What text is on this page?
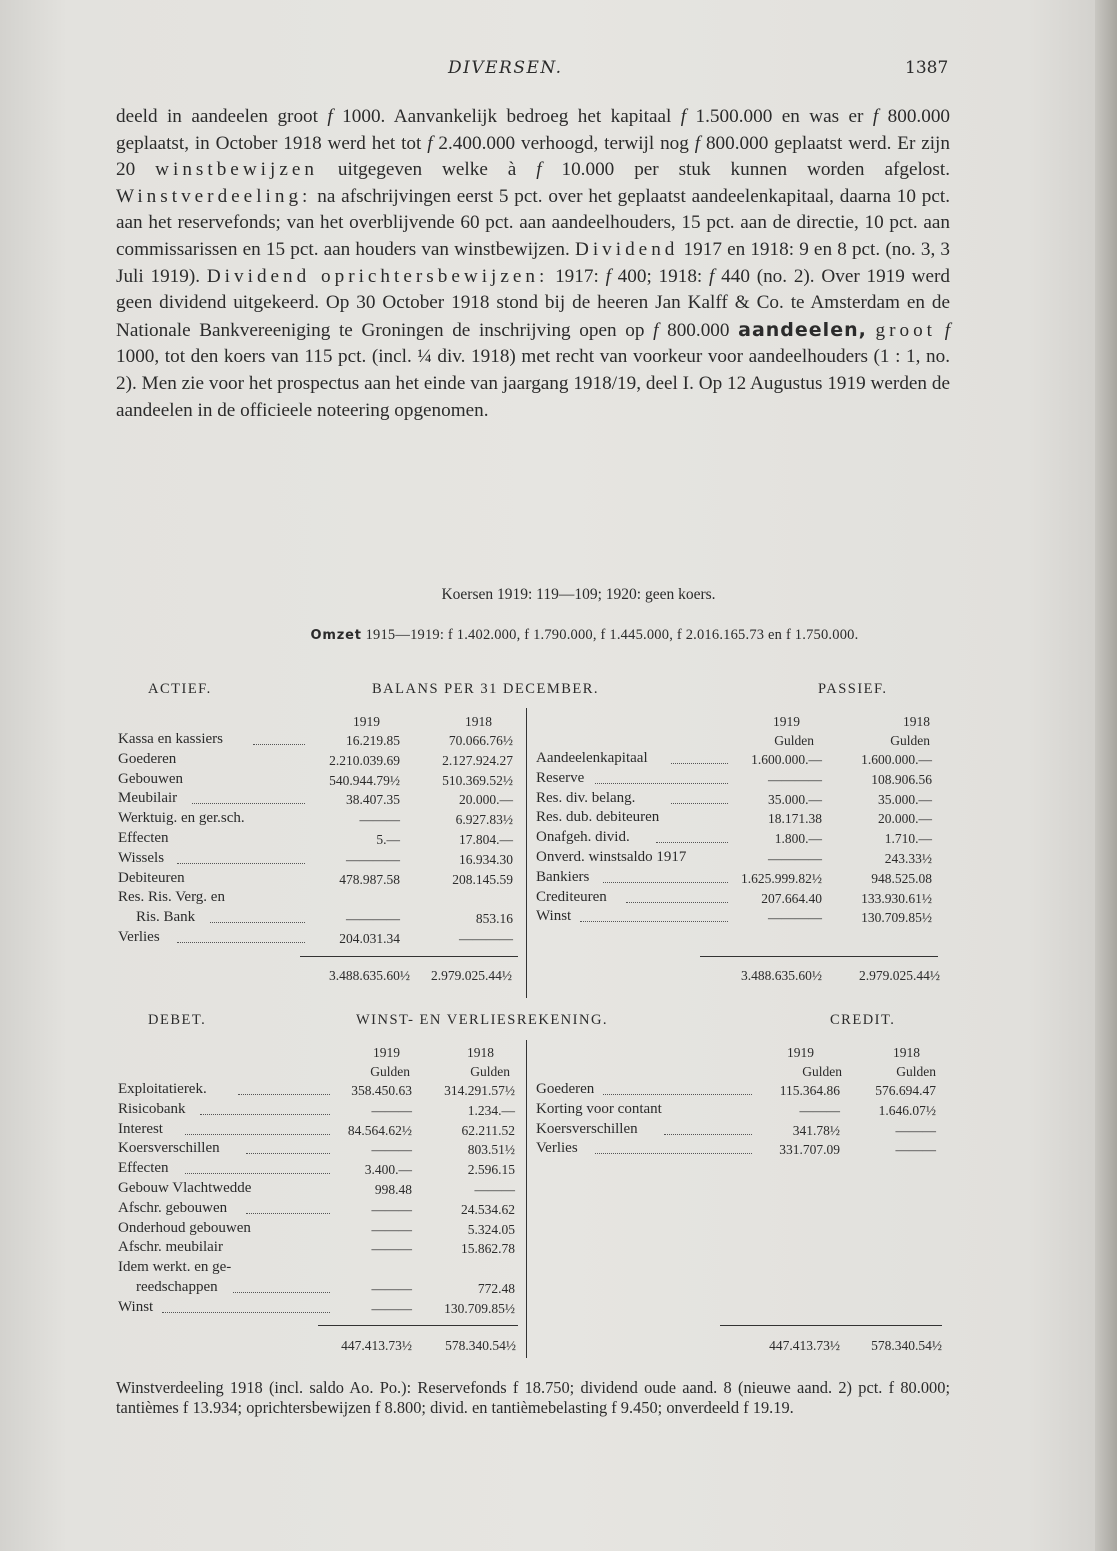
DIVERSEN.	1387
deeld in aandeelen groot f 1000. Aanvankelijk bedroeg het kapitaal f 1.500.000 en was er f 800.000 geplaatst, in October 1918 werd het tot f 2.400.000 verhoogd, terwijl nog f 800.000 geplaatst werd. Er zijn 20 winstbewijzen uitgegeven welke à f 10.000 per stuk kunnen worden afgelost. Winstverdeeling: na afschrijvingen eerst 5 pct. over het geplaatst aandeelenkapitaal, daarna 10 pct. aan het reservefonds; van het overblijvende 60 pct. aan aandeelhouders, 15 pct. aan de directie, 10 pct. aan commissarissen en 15 pct. aan houders van winstbewijzen. Dividend 1917 en 1918: 9 en 8 pct. (no. 3, 3 Juli 1919). Dividend oprichtersbewijzen: 1917: f 400; 1918: f 440 (no. 2). Over 1919 werd geen dividend uitgekeerd. Op 30 October 1918 stond bij de heeren Jan Kalff & Co. te Amsterdam en de Nationale Bankvereeniging te Groningen de inschrijving open op f 800.000 aandeelen, groot f 1000, tot den koers van 115 pct. (incl. ¼ div. 1918) met recht van voorkeur voor aandeelhouders (1 : 1, no. 2). Men zie voor het prospectus aan het einde van jaargang 1918/19, deel I. Op 12 Augustus 1919 werden de aandeelen in de officieele noteering opgenomen.
Koersen 1919: 119—109; 1920: geen koers.
Omzet 1915—1919: f 1.402.000, f 1.790.000, f 1.445.000, f 2.016.165.73 en f 1.750.000.
ACTIEF.	BALANS PER 31 DECEMBER.	PASSIEF.
1919	1918	1919	1918
Gulden	Gulden
Kassa en kassiers	16.219.85	70.066.76½
Goederen	2.210.039.69	2.127.924.27
Gebouwen	540.944.79½	510.369.52½
Meubilair	38.407.35	20.000.—
Werktuig. en ger.sch.	———	6.927.83½
Effecten	5.—	17.804.—
Wissels	————	16.934.30
Debiteuren	478.987.58	208.145.59
Res. Ris. Verg. en
Ris. Bank	————	853.16
Verlies	204.031.34	————
Aandeelenkapitaal	1.600.000.—	1.600.000.—
Reserve	————	108.906.56
Res. div. belang.	35.000.—	35.000.—
Res. dub. debiteuren	18.171.38	20.000.—
Onafgeh. divid.	1.800.—	1.710.—
Onverd. winstsaldo 1917	————	243.33½
Bankiers	1.625.999.82½	948.525.08
Crediteuren	207.664.40	133.930.61½
Winst	————	130.709.85½
3.488.635.60½	2.979.025.44½	3.488.635.60½	2.979.025.44½
DEBET.	WINST- EN VERLIESREKENING.	CREDIT.
1919	1918
Gulden	Gulden
1919	1918
Gulden	Gulden
Exploitatierek.	358.450.63	314.291.57½
Risicobank	———	1.234.—
Interest	84.564.62½	62.211.52
Koersverschillen	———	803.51½
Effecten	3.400.—	2.596.15
Gebouw Vlachtwedde	998.48	———
Afschr. gebouwen	———	24.534.62
Onderhoud gebouwen	———	5.324.05
Afschr. meubilair	———	15.862.78
Idem werkt. en ge-
reedschappen	———	772.48
Winst	———	130.709.85½
Goederen	115.364.86	576.694.47
Korting voor contant	———	1.646.07½
Koersverschillen	341.78½	———
Verlies	331.707.09	———
447.413.73½	578.340.54½	447.413.73½	578.340.54½
Winstverdeeling 1918 (incl. saldo Ao. Po.): Reservefonds f 18.750; dividend oude aand. 8 (nieuwe aand. 2) pct. f 80.000; tantièmes f 13.934; oprichtersbewijzen f 8.800; divid. en tantièmebelasting f 9.450; onverdeeld f 19.19.
